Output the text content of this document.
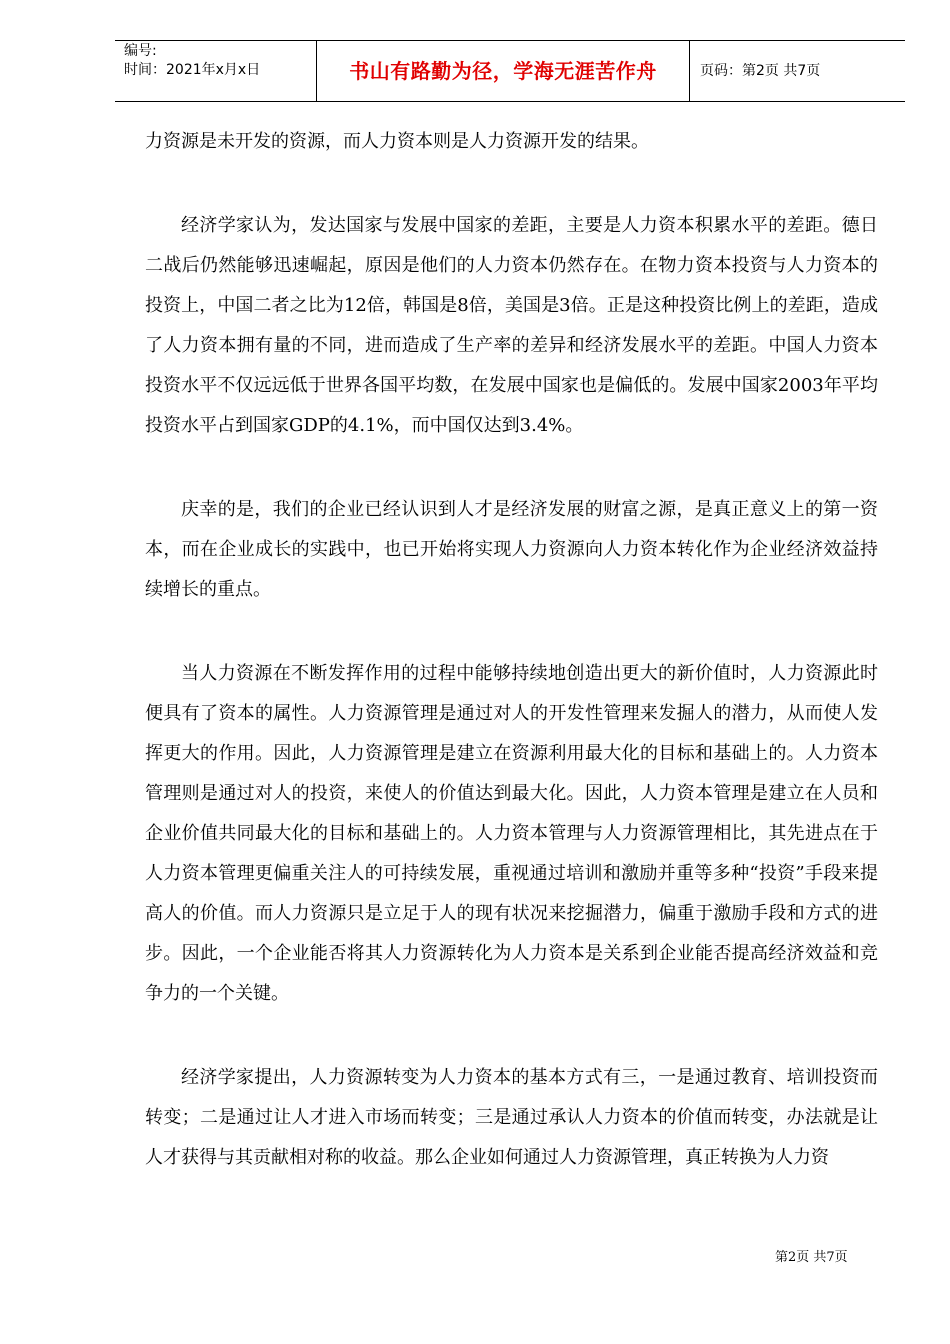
编号:
时间：2021年x月x日	书山有路勤为径，学海无涯苦作舟	页码：第2页 共7页

力资源是未开发的资源，而人力资本则是人力资源开发的结果。

经济学家认为，发达国家与发展中国家的差距，主要是人力资本积累水平的差距。德日二战后仍然能够迅速崛起，原因是他们的人力资本仍然存在。在物力资本投资与人力资本的投资上，中国二者之比为12倍，韩国是8倍，美国是3倍。正是这种投资比例上的差距，造成了人力资本拥有量的不同，进而造成了生产率的差异和经济发展水平的差距。中国人力资本投资水平不仅远远低于世界各国平均数，在发展中国家也是偏低的。发展中国家2003年平均投资水平占到国家GDP的4.1%，而中国仅达到3.4%。

庆幸的是，我们的企业已经认识到人才是经济发展的财富之源，是真正意义上的第一资本，而在企业成长的实践中，也已开始将实现人力资源向人力资本转化作为企业经济效益持续增长的重点。

当人力资源在不断发挥作用的过程中能够持续地创造出更大的新价值时，人力资源此时便具有了资本的属性。人力资源管理是通过对人的开发性管理来发掘人的潜力，从而使人发挥更大的作用。因此，人力资源管理是建立在资源利用最大化的目标和基础上的。人力资本管理则是通过对人的投资，来使人的价值达到最大化。因此，人力资本管理是建立在人员和企业价值共同最大化的目标和基础上的。人力资本管理与人力资源管理相比，其先进点在于人力资本管理更偏重关注人的可持续发展，重视通过培训和激励并重等多种“投资”手段来提高人的价值。而人力资源只是立足于人的现有状况来挖掘潜力，偏重于激励手段和方式的进步。因此，一个企业能否将其人力资源转化为人力资本是关系到企业能否提高经济效益和竞争力的一个关键。

经济学家提出，人力资源转变为人力资本的基本方式有三，一是通过教育、培训投资而转变；二是通过让人才进入市场而转变；三是通过承认人力资本的价值而转变，办法就是让人才获得与其贡献相对称的收益。那么企业如何通过人力资源管理，真正转换为人力资

第2页 共7页
